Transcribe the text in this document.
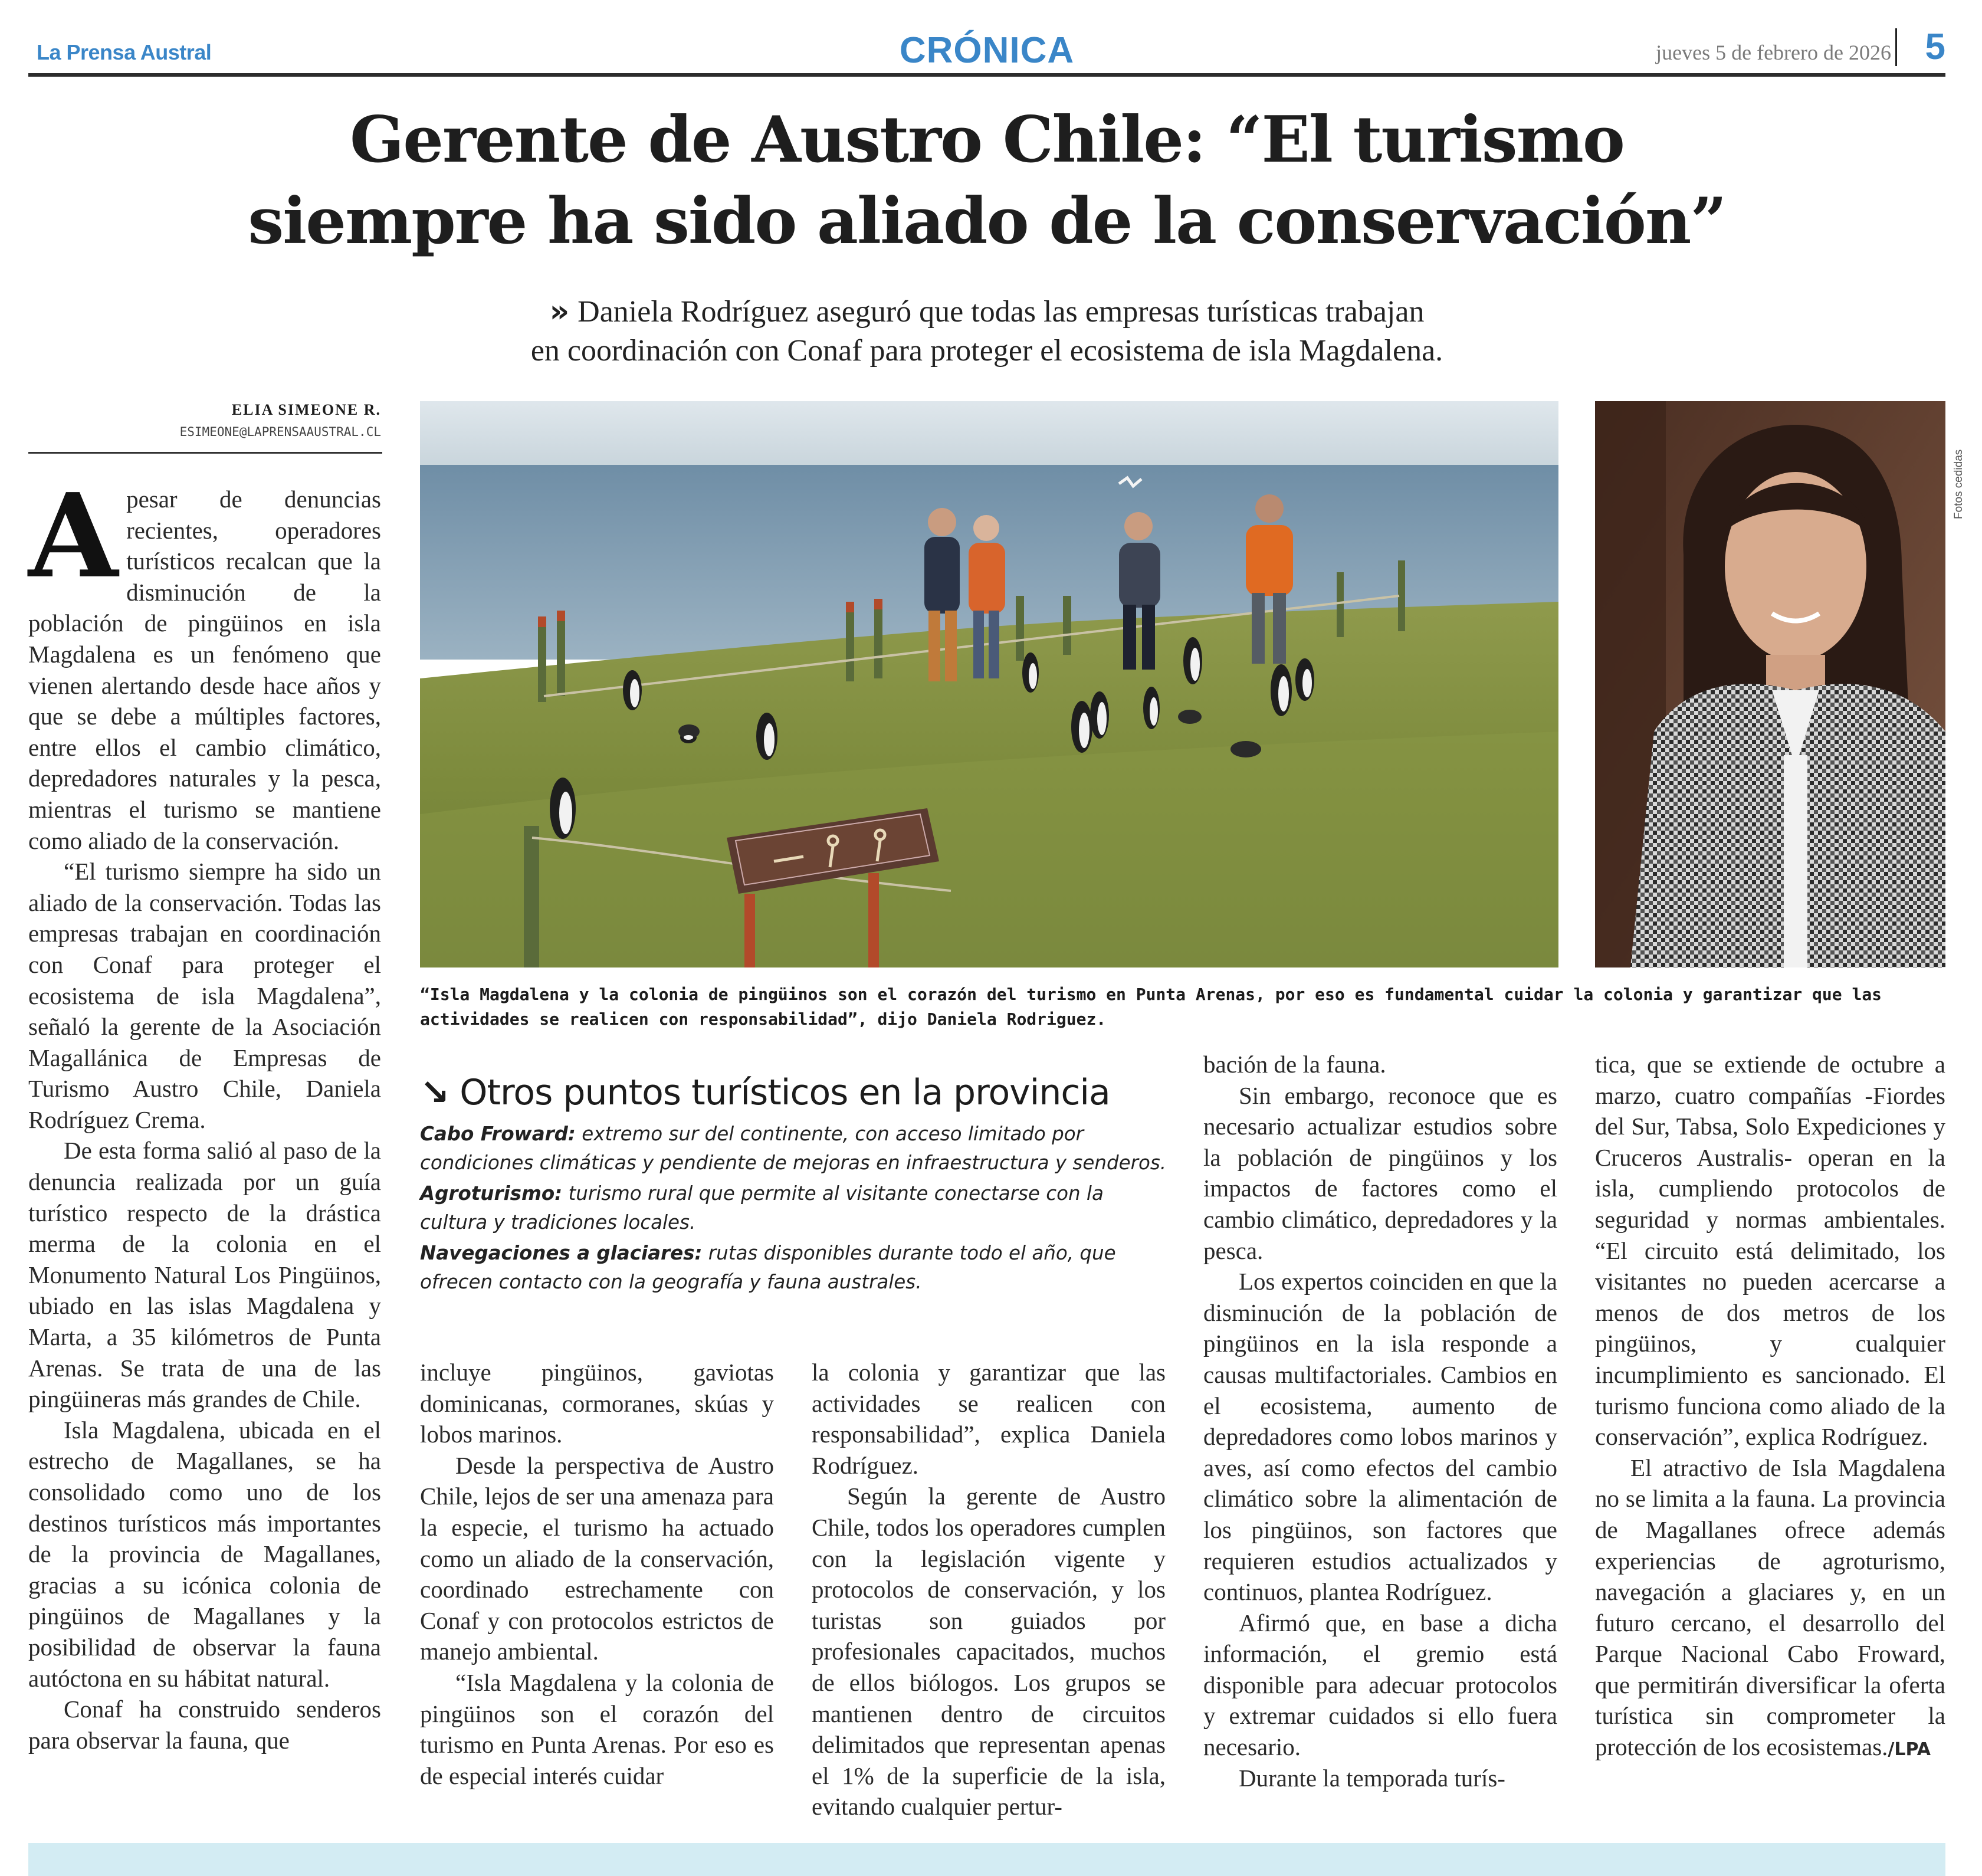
La Prensa Austral	CRÓNICA	jueves 5 de febrero de 2026 5
Gerente de Austro Chile: “El turismo
siempre ha sido aliado de la conservación”
» Daniela Rodríguez aseguró que todas las empresas turísticas trabajan
en coordinación con Conaf para proteger el ecosistema de isla Magdalena.
ELIA SIMEONE R.
ESIMEONE@LAPRENSAAUSTRAL.CL
Fotos cedidas
“Isla Magdalena y la colonia de pingüinos son el corazón del turismo en Punta Arenas, por eso es fundamental cuidar la colonia y garantizar que las actividades se realicen con responsabilidad”, dijo Daniela Rodriguez.

Apesar de denuncias recientes, operadores turísticos recalcan que la disminución de la población de pingüinos en isla Magdalena es un fenómeno que vienen alertando desde hace años y que se debe a múltiples factores, entre ellos el cambio climático, depredadores naturales y la pesca, mientras el turismo se mantiene como aliado de la conservación.

“El turismo siempre ha sido un aliado de la conservación. Todas las empresas trabajan en coordinación con Conaf para proteger el ecosistema de isla Magdalena”, señaló la gerente de la Asociación Magallánica de Empresas de Turismo Austro Chile, Daniela Rodríguez Crema.

De esta forma salió al paso de la denuncia realizada por un guía turístico respecto de la drástica merma de la colonia en el Monumento Natural Los Pingüinos, ubiado en las islas Magdalena y Marta, a 35 kilómetros de Punta Arenas. Se trata de una de las pingüineras más grandes de Chile.

Isla Magdalena, ubicada en el estrecho de Magallanes, se ha consolidado como uno de los destinos turísticos más importantes de la provincia de Magallanes, gracias a su icónica colonia de pingüinos de Magallanes y la posibilidad de observar la fauna autóctona en su hábitat natural.

Conaf ha construido senderos para observar la fauna, que

↘ Otros puntos turísticos en la provincia

Cabo Froward: extremo sur del continente, con acceso limitado por condiciones climáticas y pendiente de mejoras en infraestructura y senderos.

Agroturismo: turismo rural que permite al visitante conectarse con la cultura y tradiciones locales.

Navegaciones a glaciares: rutas disponibles durante todo el año, que ofrecen contacto con la geografía y fauna australes.

incluye pingüinos, gaviotas dominicanas, cormoranes, skúas y lobos marinos.

Desde la perspectiva de Austro Chile, lejos de ser una amenaza para la especie, el turismo ha actuado como un aliado de la conservación, coordinado estrechamente con Conaf y con protocolos estrictos de manejo ambiental.

“Isla Magdalena y la colonia de pingüinos son el corazón del turismo en Punta Arenas. Por eso es de especial interés cuidar

la colonia y garantizar que las actividades se realicen con responsabilidad”, explica Daniela Rodríguez.

Según la gerente de Austro Chile, todos los operadores cumplen con la legislación vigente y protocolos de conservación, y los turistas son guiados por profesionales capacitados, muchos de ellos biólogos. Los grupos se mantienen dentro de circuitos delimitados que representan apenas el 1% de la superficie de la isla, evitando cualquier pertur-

bación de la fauna.

Sin embargo, reconoce que es necesario actualizar estudios sobre la población de pingüinos y los impactos de factores como el cambio climático, depredadores y la pesca.

Los expertos coinciden en que la disminución de la población de pingüinos en la isla responde a causas multifactoriales. Cambios en el ecosistema, aumento de depredadores como lobos marinos y aves, así como efectos del cambio climático sobre la alimentación de los pingüinos, son factores que requieren estudios actualizados y continuos, plantea Rodríguez.

Afirmó que, en base a dicha información, el gremio está disponible para adecuar protocolos y extremar cuidados si ello fuera necesario.

Durante la temporada turís-

tica, que se extiende de octubre a marzo, cuatro compañías -Fiordes del Sur, Tabsa, Solo Expediciones y Cruceros Australis- operan en la isla, cumpliendo protocolos de seguridad y normas ambientales. “El circuito está delimitado, los visitantes no pueden acercarse a menos de dos metros de los pingüinos, y cualquier incumplimiento es sancionado. El turismo funciona como aliado de la conservación”, explica Rodríguez.

El atractivo de Isla Magdalena no se limita a la fauna. La provincia de Magallanes ofrece además experiencias de agroturismo, navegación a glaciares y, en un futuro cercano, el desarrollo del Parque Nacional Cabo Froward, que permitirán diversificar la oferta turística sin comprometer la protección de los ecosistemas./LPA
